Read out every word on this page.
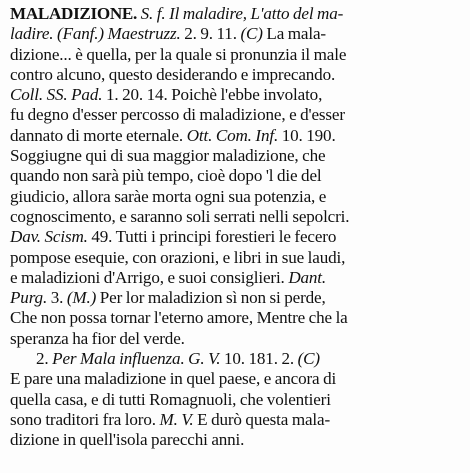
MALADIZIONE. S. f. Il maladire, L'atto del ma-
ladire. (Fanf.) Maestruzz. 2. 9. 11. (C) La mala-
dizione... è quella, per la quale si pronunzia il male
contro alcuno, questo desiderando e imprecando.
Coll. SS. Pad. 1. 20. 14. Poichè l'ebbe involato,
fu degno d'esser percosso di maladizione, e d'esser
dannato di morte eternale. Ott. Com. Inf. 10. 190.
Soggiugne qui di sua maggior maladizione, che
quando non sarà più tempo, cioè dopo 'l die del
giudicio, allora saràe morta ogni sua potenzia, e
cognoscimento, e saranno soli serrati nelli sepolcri.
Dav. Scism. 49. Tutti i principi forestieri le fecero
pompose esequie, con orazioni, e libri in sue laudi,
e maladizioni d'Arrigo, e suoi consiglieri. Dant.
Purg. 3. (M.) Per lor maladizion sì non si perde,
Che non possa tornar l'eterno amore, Mentre che la
speranza ha fior del verde.
2. Per Mala influenza. G. V. 10. 181. 2. (C)
E pare una maladizione in quel paese, e ancora di
quella casa, e di tutti Romagnuoli, che volentieri
sono traditori fra loro. M. V. E durò questa mala-
dizione in quell'isola parecchi anni.
